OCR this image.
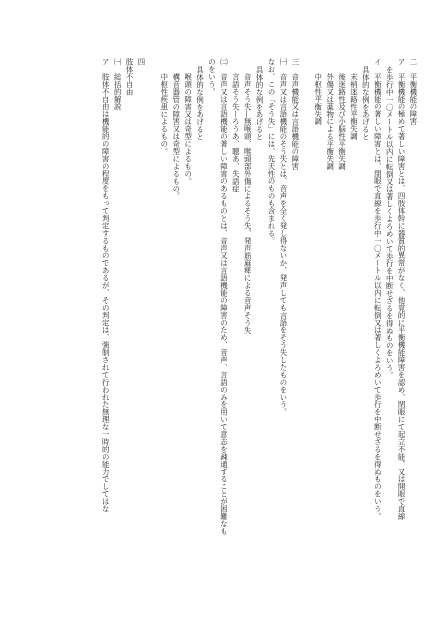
二　平衡機能の障害
ア　平衡機能の極めて著しい障害とは、四肢体幹に器質的異常がなく、他覚的に平衡機能障害を認め、閉眼にて起立不能、又は開眼で直線
を歩行中一〇メートル以内に転倒又は著しくよろめいて歩行を中断せざるを得ぬものをいう。
イ　平衡機能の著しい障害とは、閉眼で直線を歩行中一〇メートル以内に転倒又は著しくよろめいて歩行を中断せざるを得ぬものをいう。
具体的な例をあげると
末梢迷路性平衡失調
後迷路性及び小脳性平衡失調
外傷又は薬物による平衡失調
中枢性平衡失調
三　音声機能又は言語機能の障害
㈠　音声又は言語機能のそう失とは、音声を全く発し得ないか、発声しても言語をそう失したものをいう。
なお、この「そう失」には、先天性のものも含まれる。
具体的な例をあげると
音声そう失—無喉頭、喉頭部外傷によるそう失、発声筋麻痺による音声そう失
言語そう失—ろうあ、聴あ、失語症
㈡　音声又は言語機能の著しい障害のあるものとは、音声又は言語機能の障害のため、音声、言語のみを用いて意志を疎通することが困難なも
のをいう。
具体的な例をあげると
喉頭の障害又は奇型によるもの。
構音器管の障害又は奇型によるもの。
中枢性疾患によるもの。
四　
肢体不自由
㈠　総括的解説
ア　肢体不自由は機能的の障害の程度をもって判定するものであるが、その判定は、強制されて行われた無理な一時的の能力でしてはな
